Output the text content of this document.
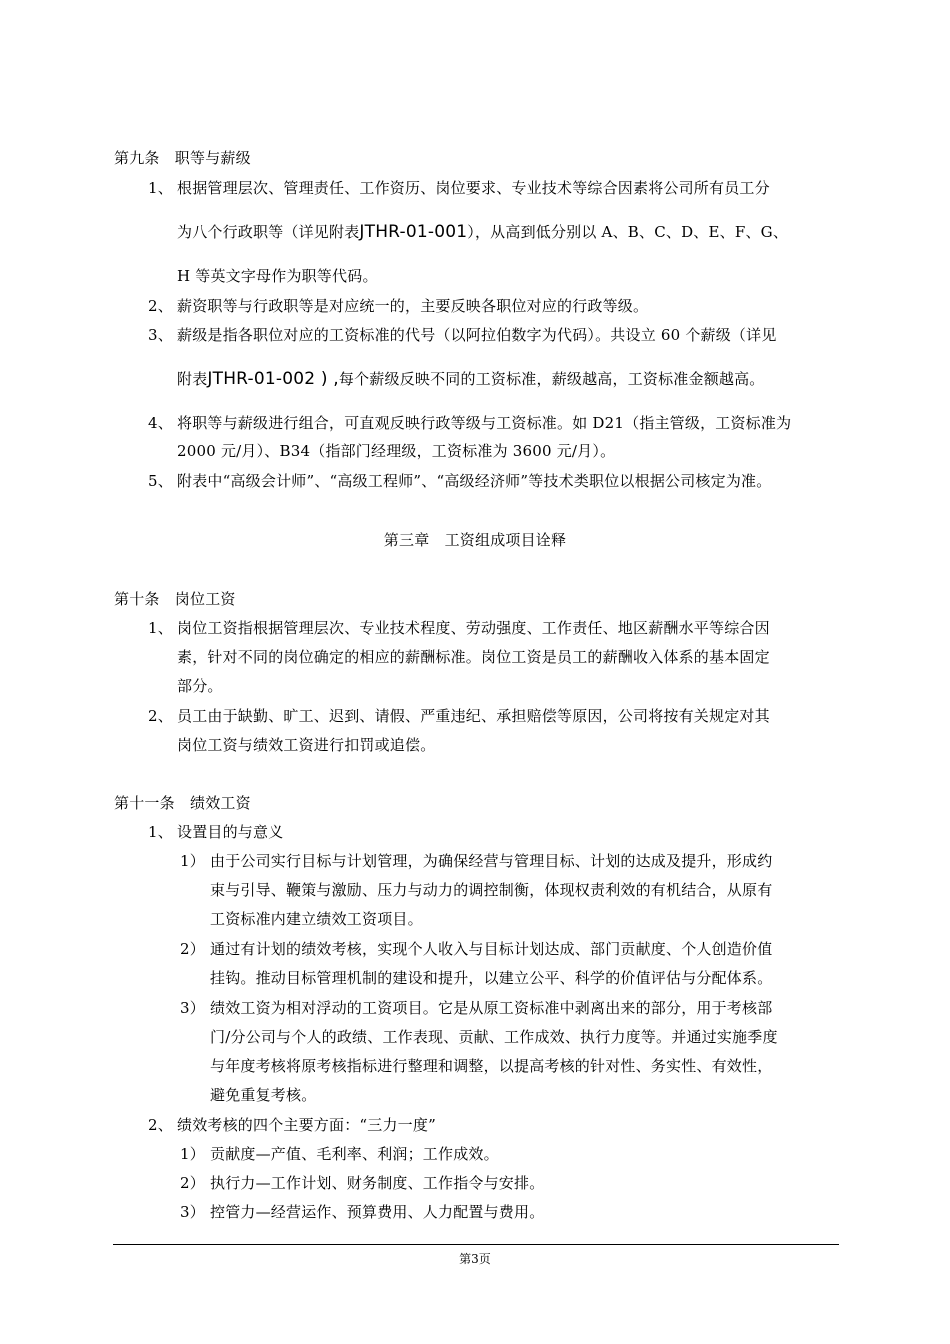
第九条　职等与薪级
1、 根据管理层次、管理责任、工作资历、岗位要求、专业技术等综合因素将公司所有员工分
为八个行政职等（详见附表JTHR-01-001），从高到低分别以 A、B、C、D、E、F、G、
H 等英文字母作为职等代码。
2、 薪资职等与行政职等是对应统一的，主要反映各职位对应的行政等级。
3、 薪级是指各职位对应的工资标准的代号（以阿拉伯数字为代码）。共设立 60 个薪级（详见
附表JTHR-01-002 ) ,每个薪级反映不同的工资标准，薪级越高，工资标准金额越高。
4、 将职等与薪级进行组合，可直观反映行政等级与工资标准。如 D21（指主管级，工资标准为
2000 元/月）、B34（指部门经理级，工资标准为 3600 元/月）。
5、 附表中“高级会计师”、“高级工程师”、“高级经济师”等技术类职位以根据公司核定为准。
第三章　工资组成项目诠释
第十条　岗位工资
1、 岗位工资指根据管理层次、专业技术程度、劳动强度、工作责任、地区薪酬水平等综合因
素，针对不同的岗位确定的相应的薪酬标准。岗位工资是员工的薪酬收入体系的基本固定
部分。
2、 员工由于缺勤、旷工、迟到、请假、严重违纪、承担赔偿等原因，公司将按有关规定对其
岗位工资与绩效工资进行扣罚或追偿。
第十一条　绩效工资
1、 设置目的与意义
1） 由于公司实行目标与计划管理，为确保经营与管理目标、计划的达成及提升，形成约
束与引导、鞭策与激励、压力与动力的调控制衡，体现权责利效的有机结合，从原有
工资标准内建立绩效工资项目。
2） 通过有计划的绩效考核，实现个人收入与目标计划达成、部门贡献度、个人创造价值
挂钩。推动目标管理机制的建设和提升，以建立公平、科学的价值评估与分配体系。
3） 绩效工资为相对浮动的工资项目。它是从原工资标准中剥离出来的部分，用于考核部
门/分公司与个人的政绩、工作表现、贡献、工作成效、执行力度等。并通过实施季度
与年度考核将原考核指标进行整理和调整，以提高考核的针对性、务实性、有效性，
避免重复考核。
2、 绩效考核的四个主要方面：“三力一度”
1） 贡献度—产值、毛利率、利润；工作成效。
2） 执行力—工作计划、财务制度、工作指令与安排。
3） 控管力—经营运作、预算费用、人力配置与费用。
第3页
